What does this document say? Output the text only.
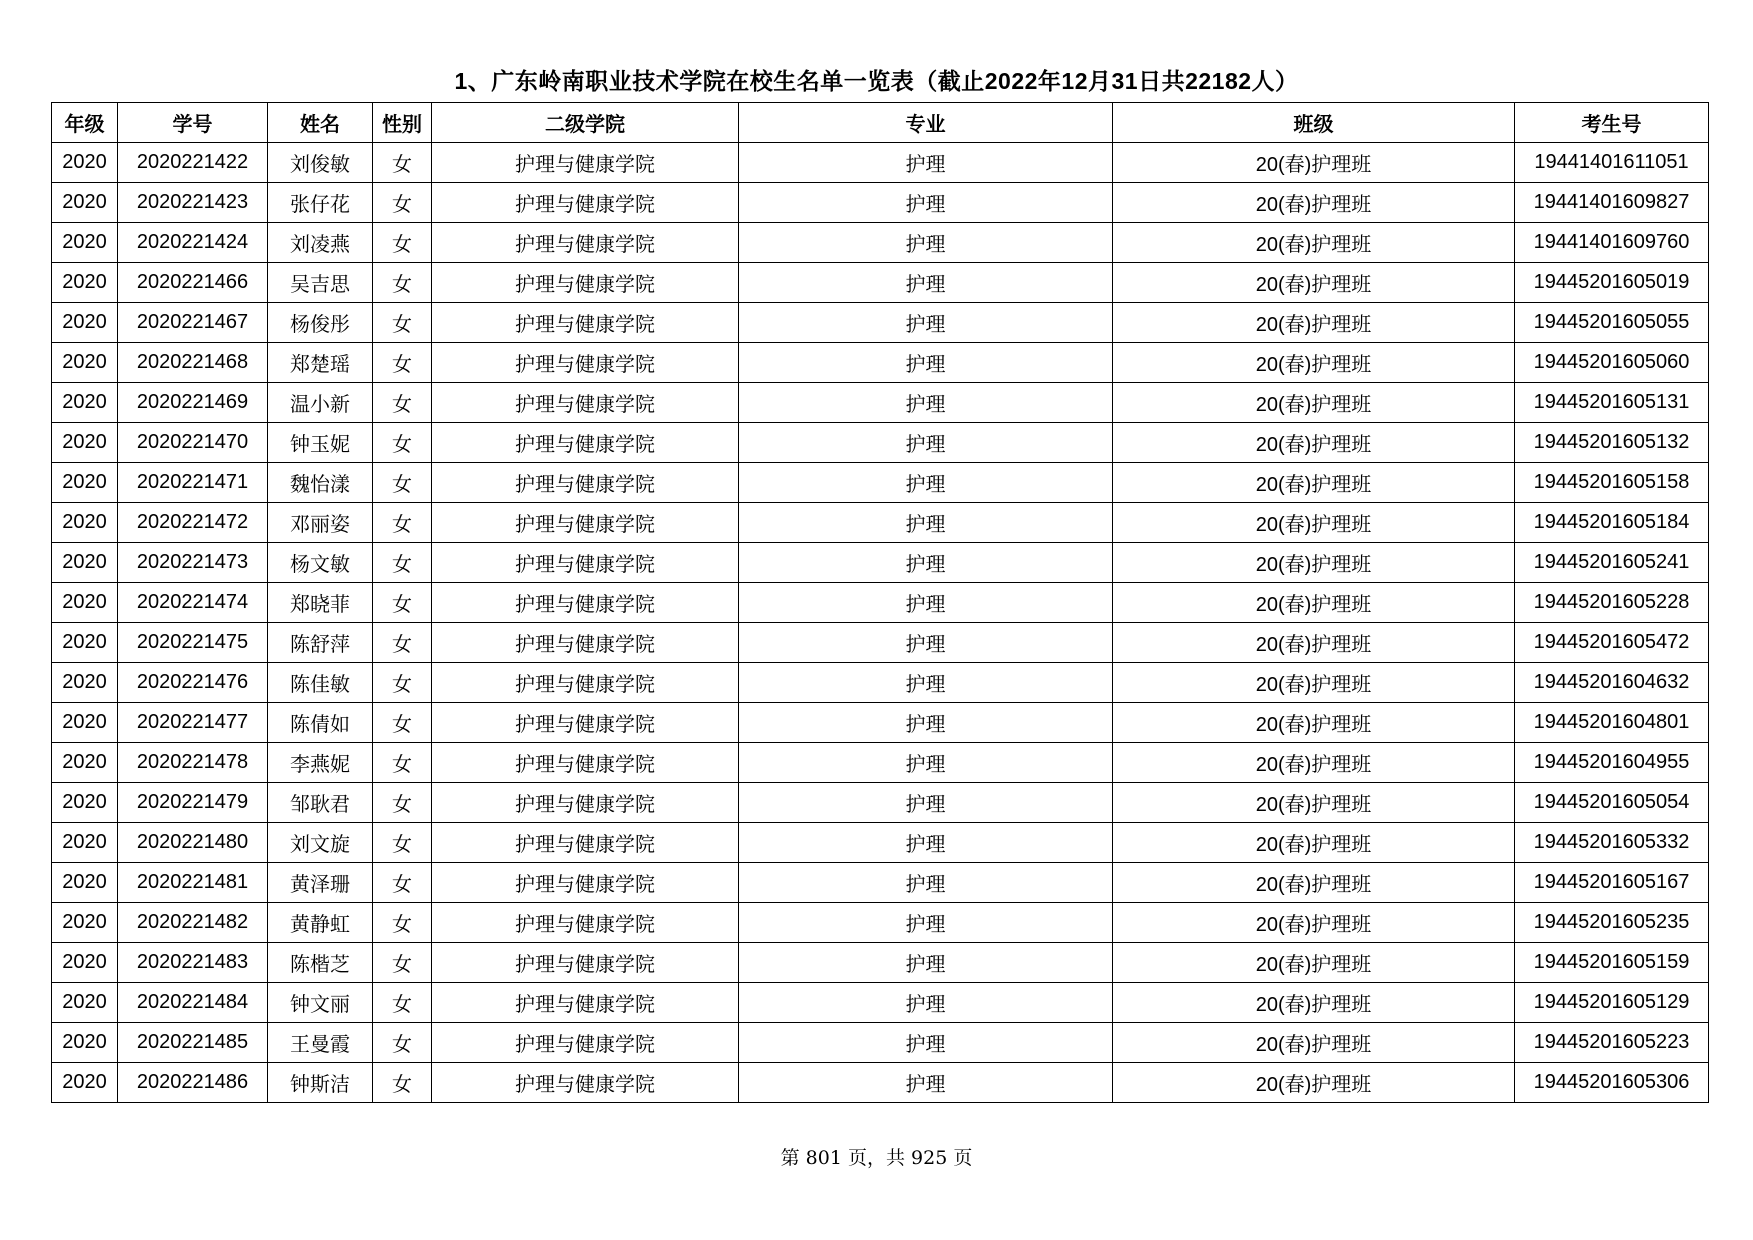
1、广东岭南职业技术学院在校生名单一览表（截止2022年12月31日共22182人）
年级	学号	姓名	性别	二级学院	专业	班级	考生号
2020	2020221422	刘俊敏	女	护理与健康学院	护理	20(春)护理班	19441401611051
2020	2020221423	张仔花	女	护理与健康学院	护理	20(春)护理班	19441401609827
2020	2020221424	刘凌燕	女	护理与健康学院	护理	20(春)护理班	19441401609760
2020	2020221466	吴吉思	女	护理与健康学院	护理	20(春)护理班	19445201605019
2020	2020221467	杨俊彤	女	护理与健康学院	护理	20(春)护理班	19445201605055
2020	2020221468	郑楚瑶	女	护理与健康学院	护理	20(春)护理班	19445201605060
2020	2020221469	温小新	女	护理与健康学院	护理	20(春)护理班	19445201605131
2020	2020221470	钟玉妮	女	护理与健康学院	护理	20(春)护理班	19445201605132
2020	2020221471	魏怡漾	女	护理与健康学院	护理	20(春)护理班	19445201605158
2020	2020221472	邓丽姿	女	护理与健康学院	护理	20(春)护理班	19445201605184
2020	2020221473	杨文敏	女	护理与健康学院	护理	20(春)护理班	19445201605241
2020	2020221474	郑晓菲	女	护理与健康学院	护理	20(春)护理班	19445201605228
2020	2020221475	陈舒萍	女	护理与健康学院	护理	20(春)护理班	19445201605472
2020	2020221476	陈佳敏	女	护理与健康学院	护理	20(春)护理班	19445201604632
2020	2020221477	陈倩如	女	护理与健康学院	护理	20(春)护理班	19445201604801
2020	2020221478	李燕妮	女	护理与健康学院	护理	20(春)护理班	19445201604955
2020	2020221479	邹耿君	女	护理与健康学院	护理	20(春)护理班	19445201605054
2020	2020221480	刘文旋	女	护理与健康学院	护理	20(春)护理班	19445201605332
2020	2020221481	黄泽珊	女	护理与健康学院	护理	20(春)护理班	19445201605167
2020	2020221482	黄静虹	女	护理与健康学院	护理	20(春)护理班	19445201605235
2020	2020221483	陈楷芝	女	护理与健康学院	护理	20(春)护理班	19445201605159
2020	2020221484	钟文丽	女	护理与健康学院	护理	20(春)护理班	19445201605129
2020	2020221485	王曼霞	女	护理与健康学院	护理	20(春)护理班	19445201605223
2020	2020221486	钟斯洁	女	护理与健康学院	护理	20(春)护理班	19445201605306
第 801 页，共 925 页
